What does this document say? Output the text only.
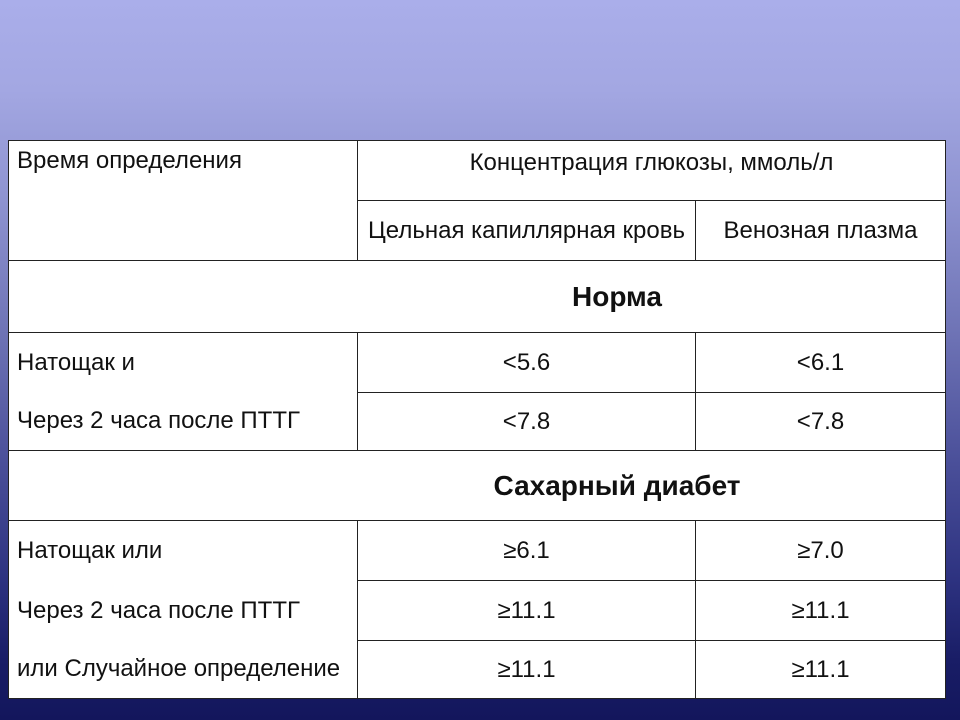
Время определения	Концентрация глюкозы, ммоль/л	
	Цельная капиллярная кровь	Венозная плазма
Норма		
Натощак и	<5.6	<6.1
Через 2 часа после ПТТГ	<7.8	<7.8
Сахарный диабет		
Натощак или	≥6.1	≥7.0
Через 2 часа после ПТТГ	≥11.1	≥11.1
или Случайное определение	≥11.1	≥11.1
